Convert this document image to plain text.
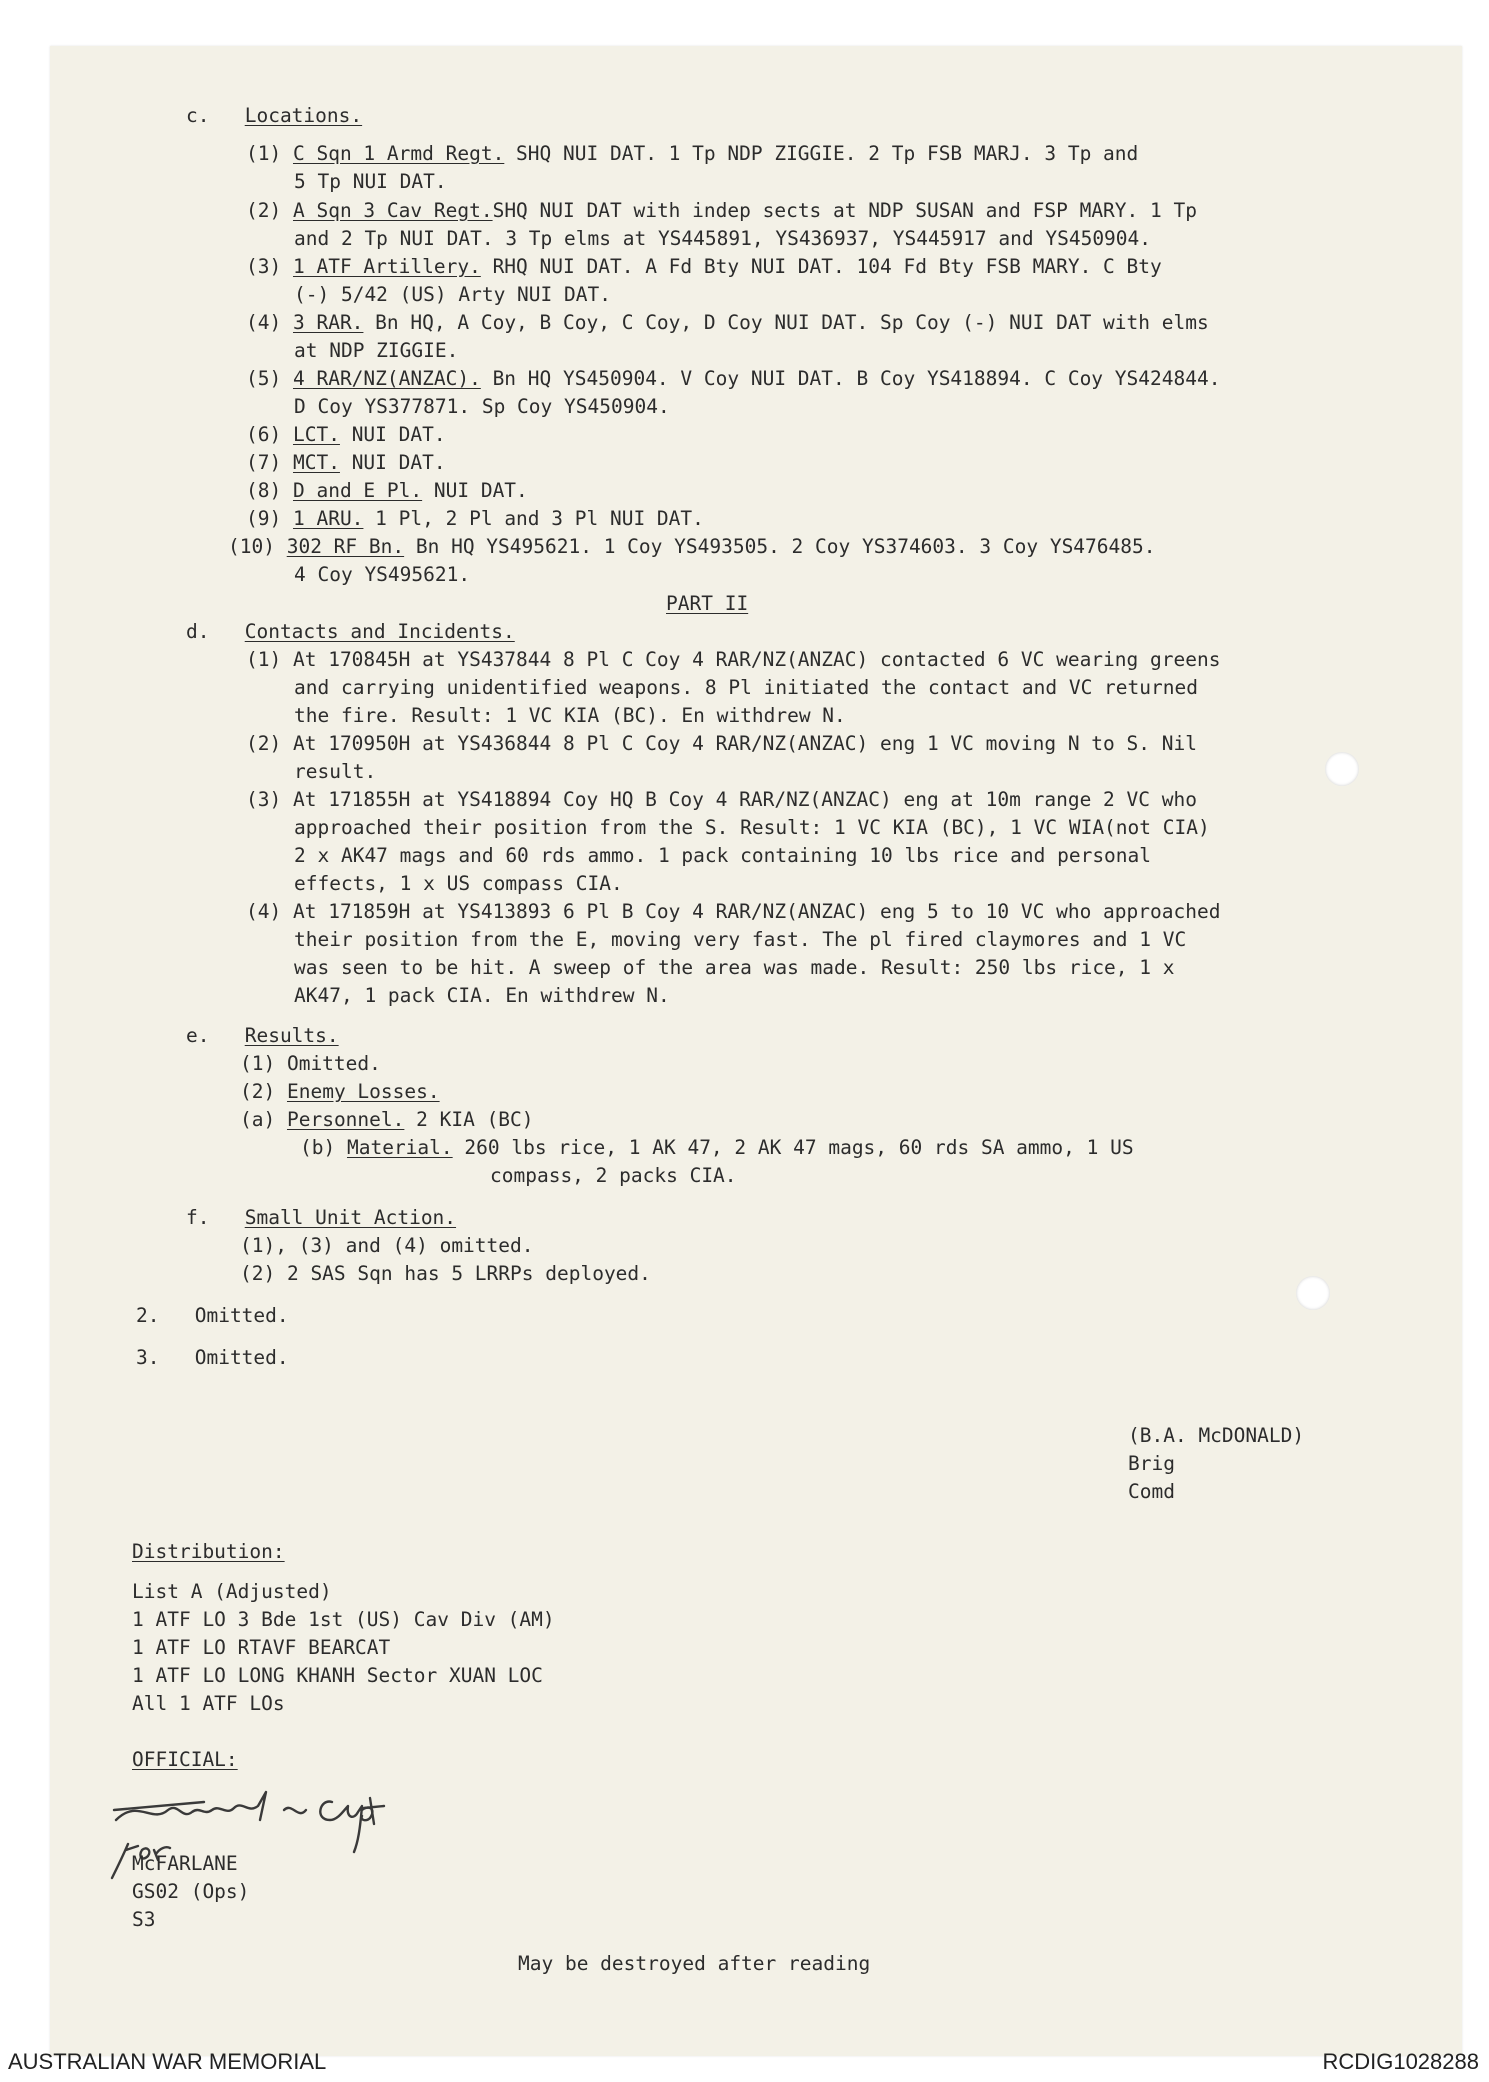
c. Locations.
(1) C Sqn 1 Armd Regt. SHQ NUI DAT. 1 Tp NDP ZIGGIE. 2 Tp FSB MARJ. 3 Tp and
5 Tp NUI DAT.
(2) A Sqn 3 Cav Regt.SHQ NUI DAT with indep sects at NDP SUSAN and FSP MARY. 1 Tp
and 2 Tp NUI DAT. 3 Tp elms at YS445891, YS436937, YS445917 and YS450904.
(3) 1 ATF Artillery. RHQ NUI DAT. A Fd Bty NUI DAT. 104 Fd Bty FSB MARY. C Bty
(-) 5/42 (US) Arty NUI DAT.
(4) 3 RAR. Bn HQ, A Coy, B Coy, C Coy, D Coy NUI DAT. Sp Coy (-) NUI DAT with elms
at NDP ZIGGIE.
(5) 4 RAR/NZ(ANZAC). Bn HQ YS450904. V Coy NUI DAT. B Coy YS418894. C Coy YS424844.
D Coy YS377871. Sp Coy YS450904.
(6) LCT. NUI DAT.
(7) MCT. NUI DAT.
(8) D and E Pl. NUI DAT.
(9) 1 ARU. 1 Pl, 2 Pl and 3 Pl NUI DAT.
(10) 302 RF Bn. Bn HQ YS495621. 1 Coy YS493505. 2 Coy YS374603. 3 Coy YS476485.
4 Coy YS495621.
PART II
d. Contacts and Incidents.
(1) At 170845H at YS437844 8 Pl C Coy 4 RAR/NZ(ANZAC) contacted 6 VC wearing greens
and carrying unidentified weapons. 8 Pl initiated the contact and VC returned
the fire. Result: 1 VC KIA (BC). En withdrew N.
(2) At 170950H at YS436844 8 Pl C Coy 4 RAR/NZ(ANZAC) eng 1 VC moving N to S. Nil
result.
(3) At 171855H at YS418894 Coy HQ B Coy 4 RAR/NZ(ANZAC) eng at 10m range 2 VC who
approached their position from the S. Result: 1 VC KIA (BC), 1 VC WIA(not CIA)
2 x AK47 mags and 60 rds ammo. 1 pack containing 10 lbs rice and personal
effects, 1 x US compass CIA.
(4) At 171859H at YS413893 6 Pl B Coy 4 RAR/NZ(ANZAC) eng 5 to 10 VC who approached
their position from the E, moving very fast. The pl fired claymores and 1 VC
was seen to be hit. A sweep of the area was made. Result: 250 lbs rice, 1 x
AK47, 1 pack CIA. En withdrew N.
e. Results.
(1) Omitted.
(2) Enemy Losses.
(a) Personnel. 2 KIA (BC)
(b) Material. 260 lbs rice, 1 AK 47, 2 AK 47 mags, 60 rds SA ammo, 1 US
compass, 2 packs CIA.
f. Small Unit Action.
(1), (3) and (4) omitted.
(2) 2 SAS Sqn has 5 LRRPs deployed.
2. Omitted.
3. Omitted.
(B.A. McDONALD)
Brig
Comd
Distribution:
List A (Adjusted)
1 ATF LO 3 Bde 1st (US) Cav Div (AM)
1 ATF LO RTAVF BEARCAT
1 ATF LO LONG KHANH Sector XUAN LOC
All 1 ATF LOs
OFFICIAL:
McFARLANE
GS02 (Ops)
S3
May be destroyed after reading
AUSTRALIAN WAR MEMORIAL	RCDIG1028288
